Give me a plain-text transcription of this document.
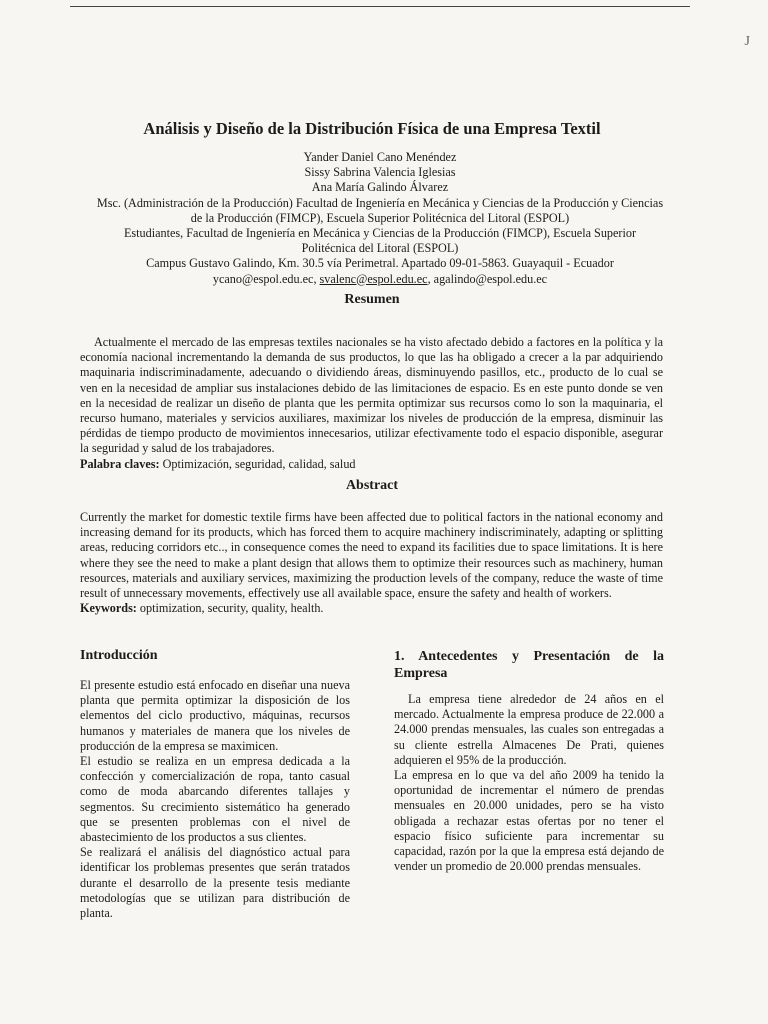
J
Análisis y Diseño de la Distribución Física de una Empresa Textil
Yander Daniel Cano Menéndez
Sissy Sabrina Valencia Iglesias
Ana María Galindo Álvarez
Msc. (Administración de la Producción) Facultad de Ingeniería en Mecánica y Ciencias de la Producción y Ciencias
de la Producción (FIMCP), Escuela Superior Politécnica del Litoral (ESPOL)
Estudiantes, Facultad de Ingeniería en Mecánica y Ciencias de la Producción (FIMCP), Escuela Superior
Politécnica del Litoral (ESPOL)
Campus Gustavo Galindo, Km. 30.5 vía Perimetral. Apartado 09-01-5863. Guayaquil - Ecuador
ycano@espol.edu.ec, svalenc@espol.edu.ec, agalindo@espol.edu.ec
Resumen

Actualmente el mercado de las empresas textiles nacionales se ha visto afectado debido a factores en la política y la economía nacional incrementando la demanda de sus productos, lo que las ha obligado a crecer a la par adquiriendo maquinaria indiscriminadamente, adecuando o dividiendo áreas, disminuyendo pasillos, etc., producto de lo cual se ven en la necesidad de ampliar sus instalaciones debido de las limitaciones de espacio. Es en este punto donde se ven en la necesidad de realizar un diseño de planta que les permita optimizar sus recursos como lo son la maquinaria, el recurso humano, materiales y servicios auxiliares, maximizar los niveles de producción de la empresa, disminuir las pérdidas de tiempo producto de movimientos innecesarios, utilizar efectivamente todo el espacio disponible, asegurar la seguridad y salud de los trabajadores.

Palabra claves: Optimización, seguridad, calidad, salud

Abstract

Currently the market for domestic textile firms have been affected due to political factors in the national economy and increasing demand for its products, which has forced them to acquire machinery indiscriminately, adapting or splitting areas, reducing corridors etc.., in consequence comes the need to expand its facilities due to space limitations. It is here where they see the need to make a plant design that allows them to optimize their resources such as machinery, human resources, materials and auxiliary services, maximizing the production levels of the company, reduce the waste of time result of unnecessary movements, effectively use all available space, ensure the safety and health of workers.

Keywords: optimization, security, quality, health.

Introducción

El presente estudio está enfocado en diseñar una nueva planta que permita optimizar la disposición de los elementos del ciclo productivo, máquinas, recursos humanos y materiales de manera que los niveles de producción de la empresa se maximicen.

El estudio se realiza en un empresa dedicada a la confección y comercialización de ropa, tanto casual como de moda abarcando diferentes tallajes y segmentos. Su crecimiento sistemático ha generado que se presenten problemas con el nivel de abastecimiento de los productos a sus clientes.

Se realizará el análisis del diagnóstico actual para identificar los problemas presentes que serán tratados durante el desarrollo de la presente tesis mediante metodologías que se utilizan para distribución de planta.

1. Antecedentes y Presentación de la Empresa

La empresa tiene alrededor de 24 años en el mercado. Actualmente la empresa produce de 22.000 a 24.000 prendas mensuales, las cuales son entregadas a su cliente estrella Almacenes De Prati, quienes adquieren el 95% de la producción.

La empresa en lo que va del año 2009 ha tenido la oportunidad de incrementar el número de prendas mensuales en 20.000 unidades, pero se ha visto obligada a rechazar estas ofertas por no tener el espacio físico suficiente para incrementar su capacidad, razón por la que la empresa está dejando de vender un promedio de 20.000 prendas mensuales.
